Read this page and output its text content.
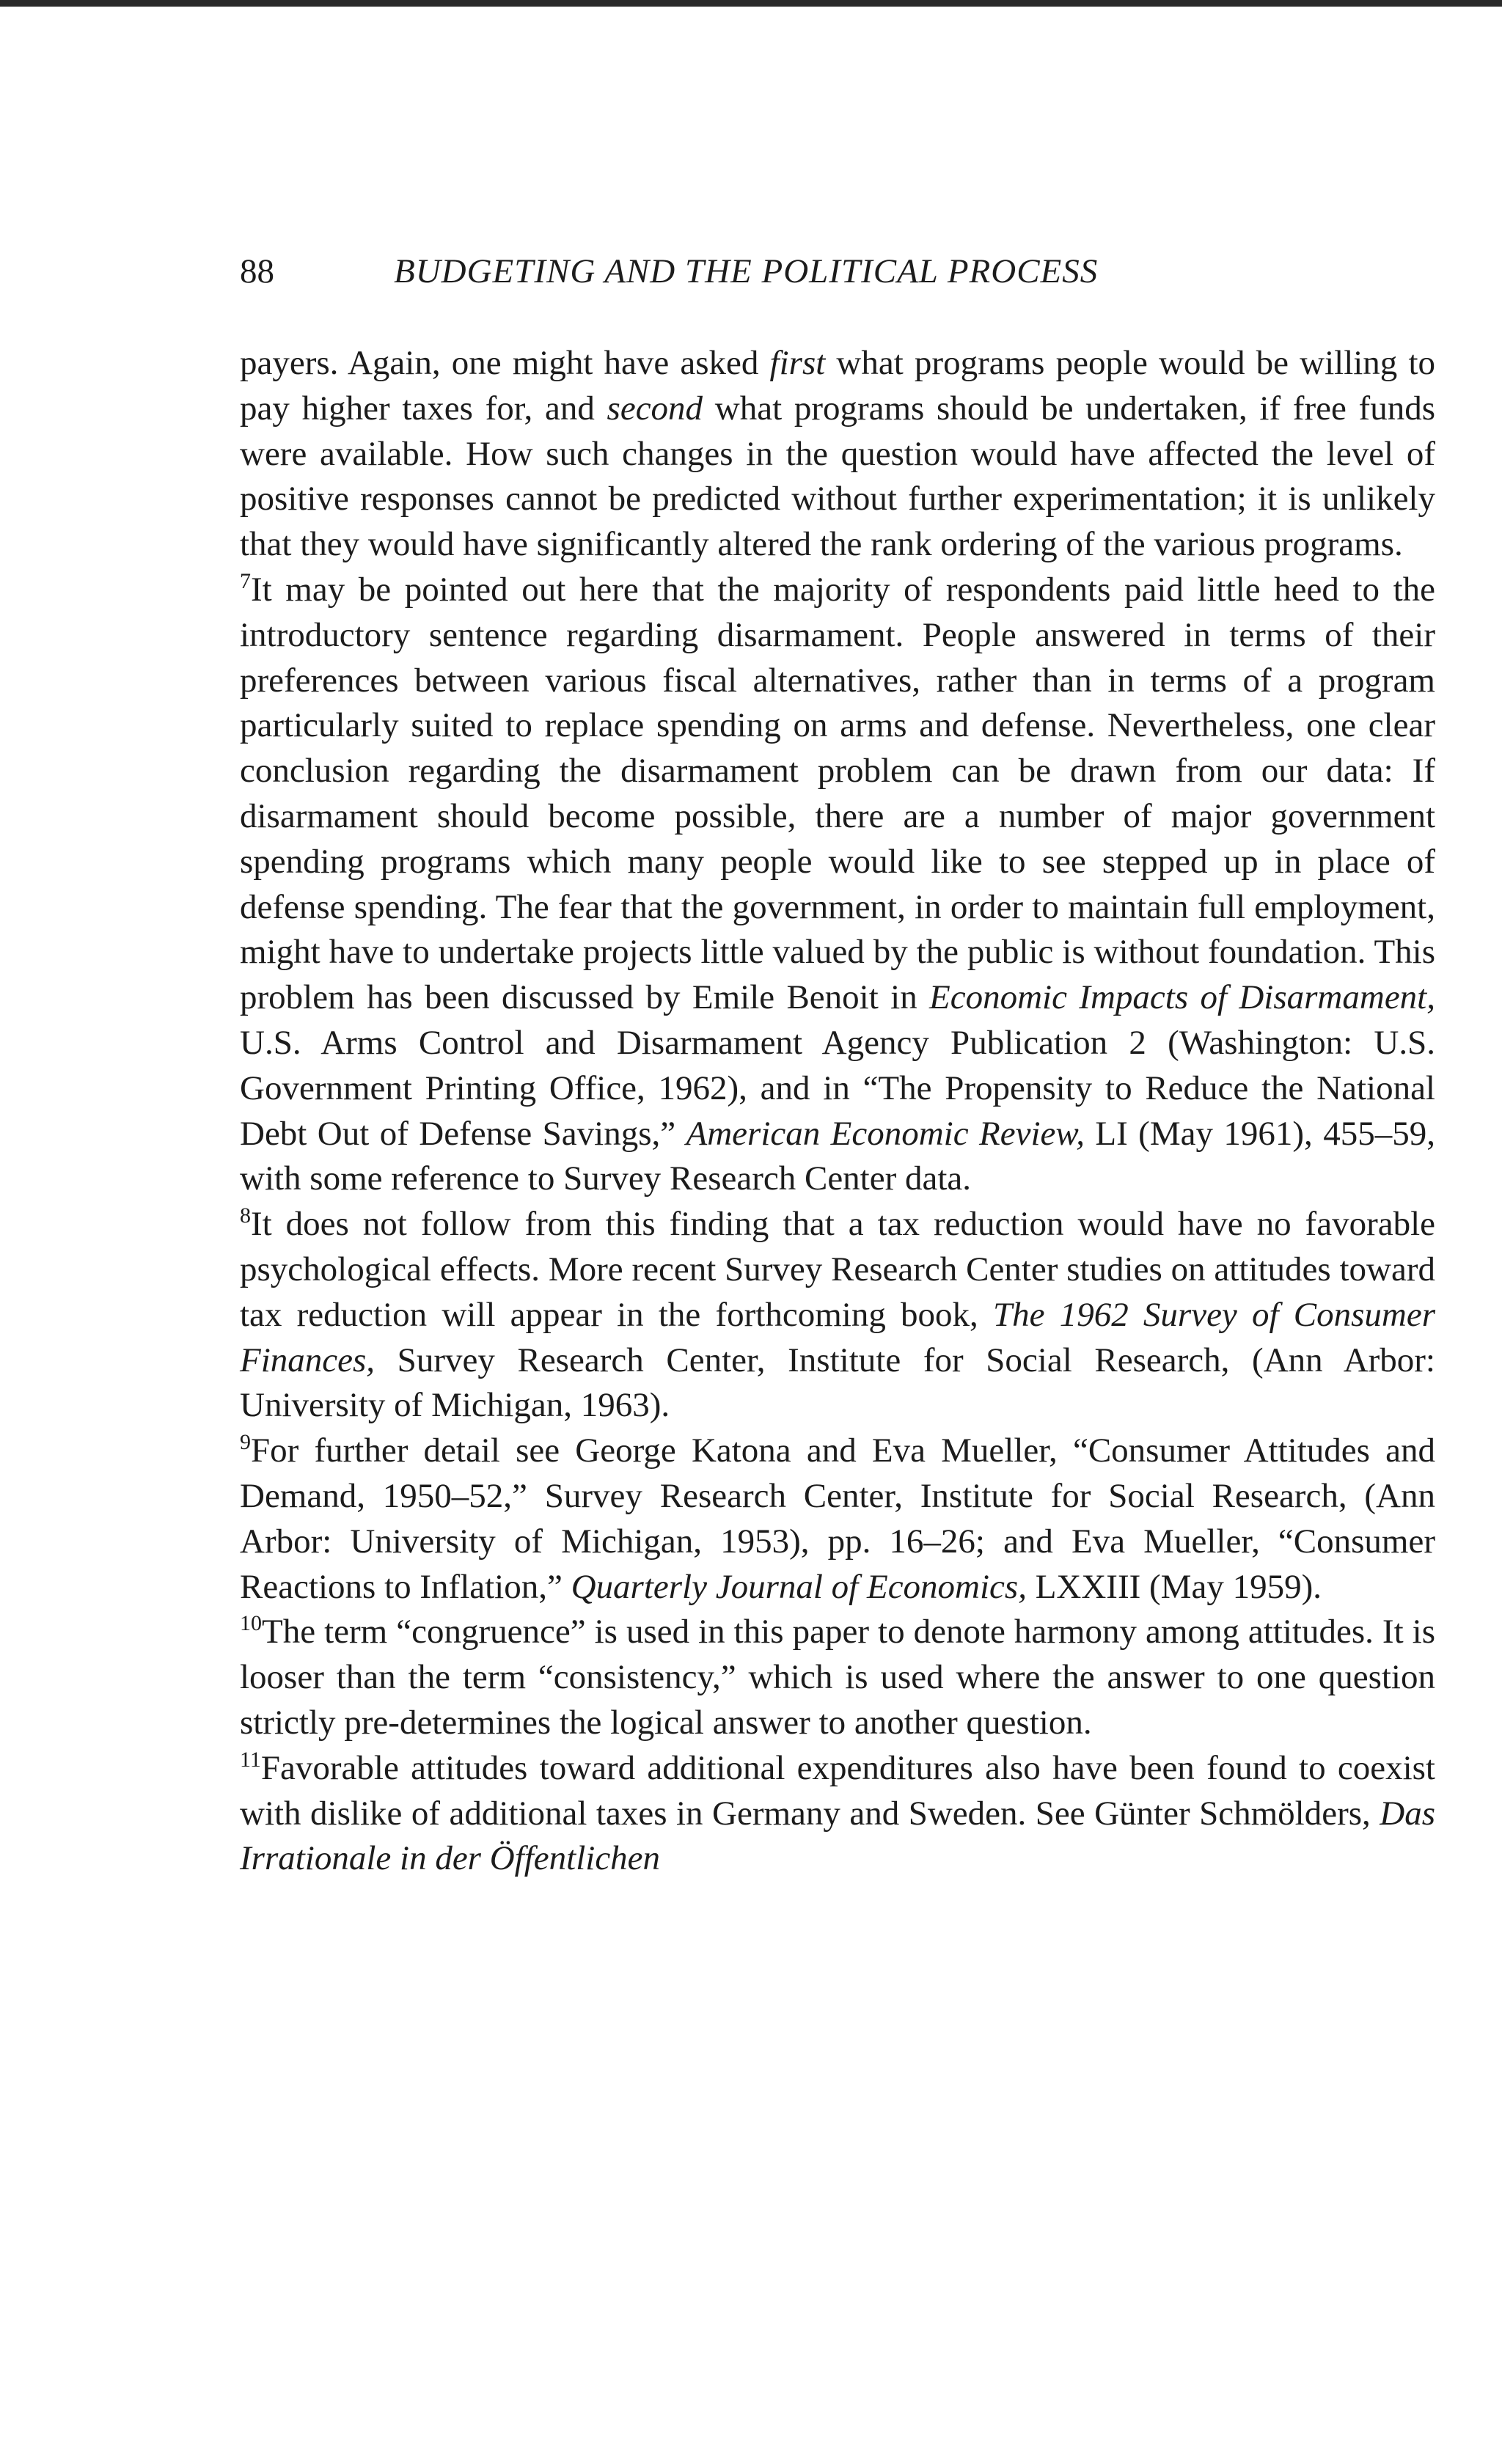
88	BUDGETING AND THE POLITICAL PROCESS

payers. Again, one might have asked first what programs people would be willing to pay higher taxes for, and second what programs should be undertaken, if free funds were available. How such changes in the question would have affected the level of positive responses cannot be predicted without further experimentation; it is unlikely that they would have significantly altered the rank ordering of the various programs.

$^7$It may be pointed out here that the majority of respondents paid little heed to the introductory sentence regarding disarmament. People answered in terms of their preferences between various fiscal alternatives, rather than in terms of a program particularly suited to replace spending on arms and defense. Nevertheless, one clear conclusion regarding the disarmament problem can be drawn from our data: If disarmament should become possible, there are a number of major government spending programs which many people would like to see stepped up in place of defense spending. The fear that the government, in order to maintain full employment, might have to undertake projects little valued by the public is without foundation. This problem has been discussed by Emile Benoit in Economic Impacts of Disarmament, U.S. Arms Control and Disarmament Agency Publication 2 (Washington: U.S. Government Printing Office, 1962), and in “The Propensity to Reduce the National Debt Out of Defense Savings,” American Economic Review, LI (May 1961), 455–59, with some reference to Survey Research Center data.

$^8$It does not follow from this finding that a tax reduction would have no favorable psychological effects. More recent Survey Research Center studies on attitudes toward tax reduction will appear in the forthcoming book, The 1962 Survey of Consumer Finances, Survey Research Center, Institute for Social Research, (Ann Arbor: University of Michigan, 1963).

$^9$For further detail see George Katona and Eva Mueller, “Consumer Attitudes and Demand, 1950–52,” Survey Research Center, Institute for Social Research, (Ann Arbor: University of Michigan, 1953), pp. 16–26; and Eva Mueller, “Consumer Reactions to Inflation,” Quarterly Journal of Economics, LXXIII (May 1959).

$^{10}$The term “congruence” is used in this paper to denote harmony among attitudes. It is looser than the term “consistency,” which is used where the answer to one question strictly pre-determines the logical answer to another question.

$^{11}$Favorable attitudes toward additional expenditures also have been found to coexist with dislike of additional taxes in Germany and Sweden. See Günter Schmölders, Das Irrationale in der Öffentlichen
